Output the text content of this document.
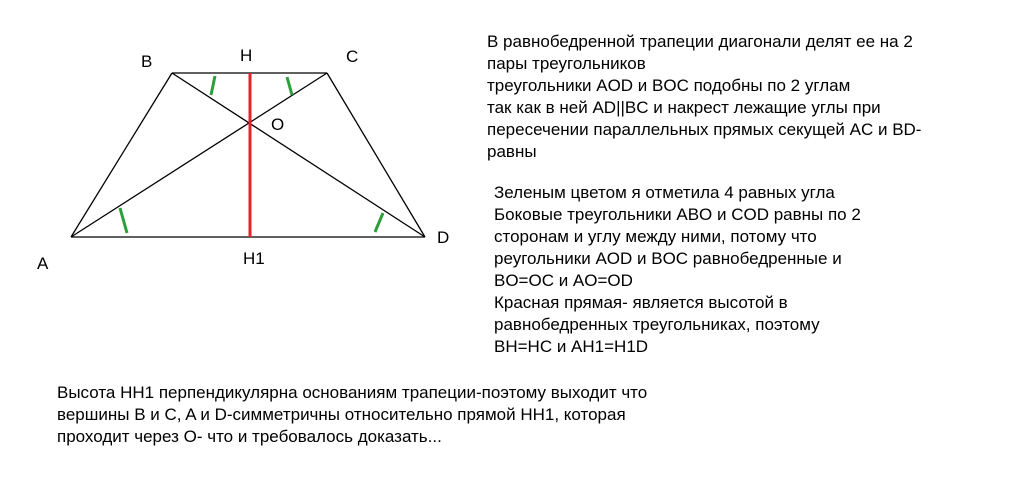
B	H	C
O
A	H1
D
В равнобедренной трапеции диагонали делят ее на 2
пары треугольников
треугольники AOD и BOC подобны по 2 углам
так как в ней AD||BC и накрест лежащие углы при
пересечении параллельных прямых секущей AC и BD-
равны
Зеленым цветом я отметила 4 равных угла
Боковые треугольники ABO и COD равны по 2
сторонам и углу между ними, потому что
реугольники AOD и BOC равнобедренные и
BO=OC и AO=OD
Красная прямая- является высотой в
равнобедренных треугольниках, поэтому
BH=HC и AH1=H1D
Высота HH1 перпендикулярна основаниям трапеции-поэтому выходит что
вершины B и C, A и D-симметричны относительно прямой HH1, которая
проходит через O- что и требовалось доказать...
